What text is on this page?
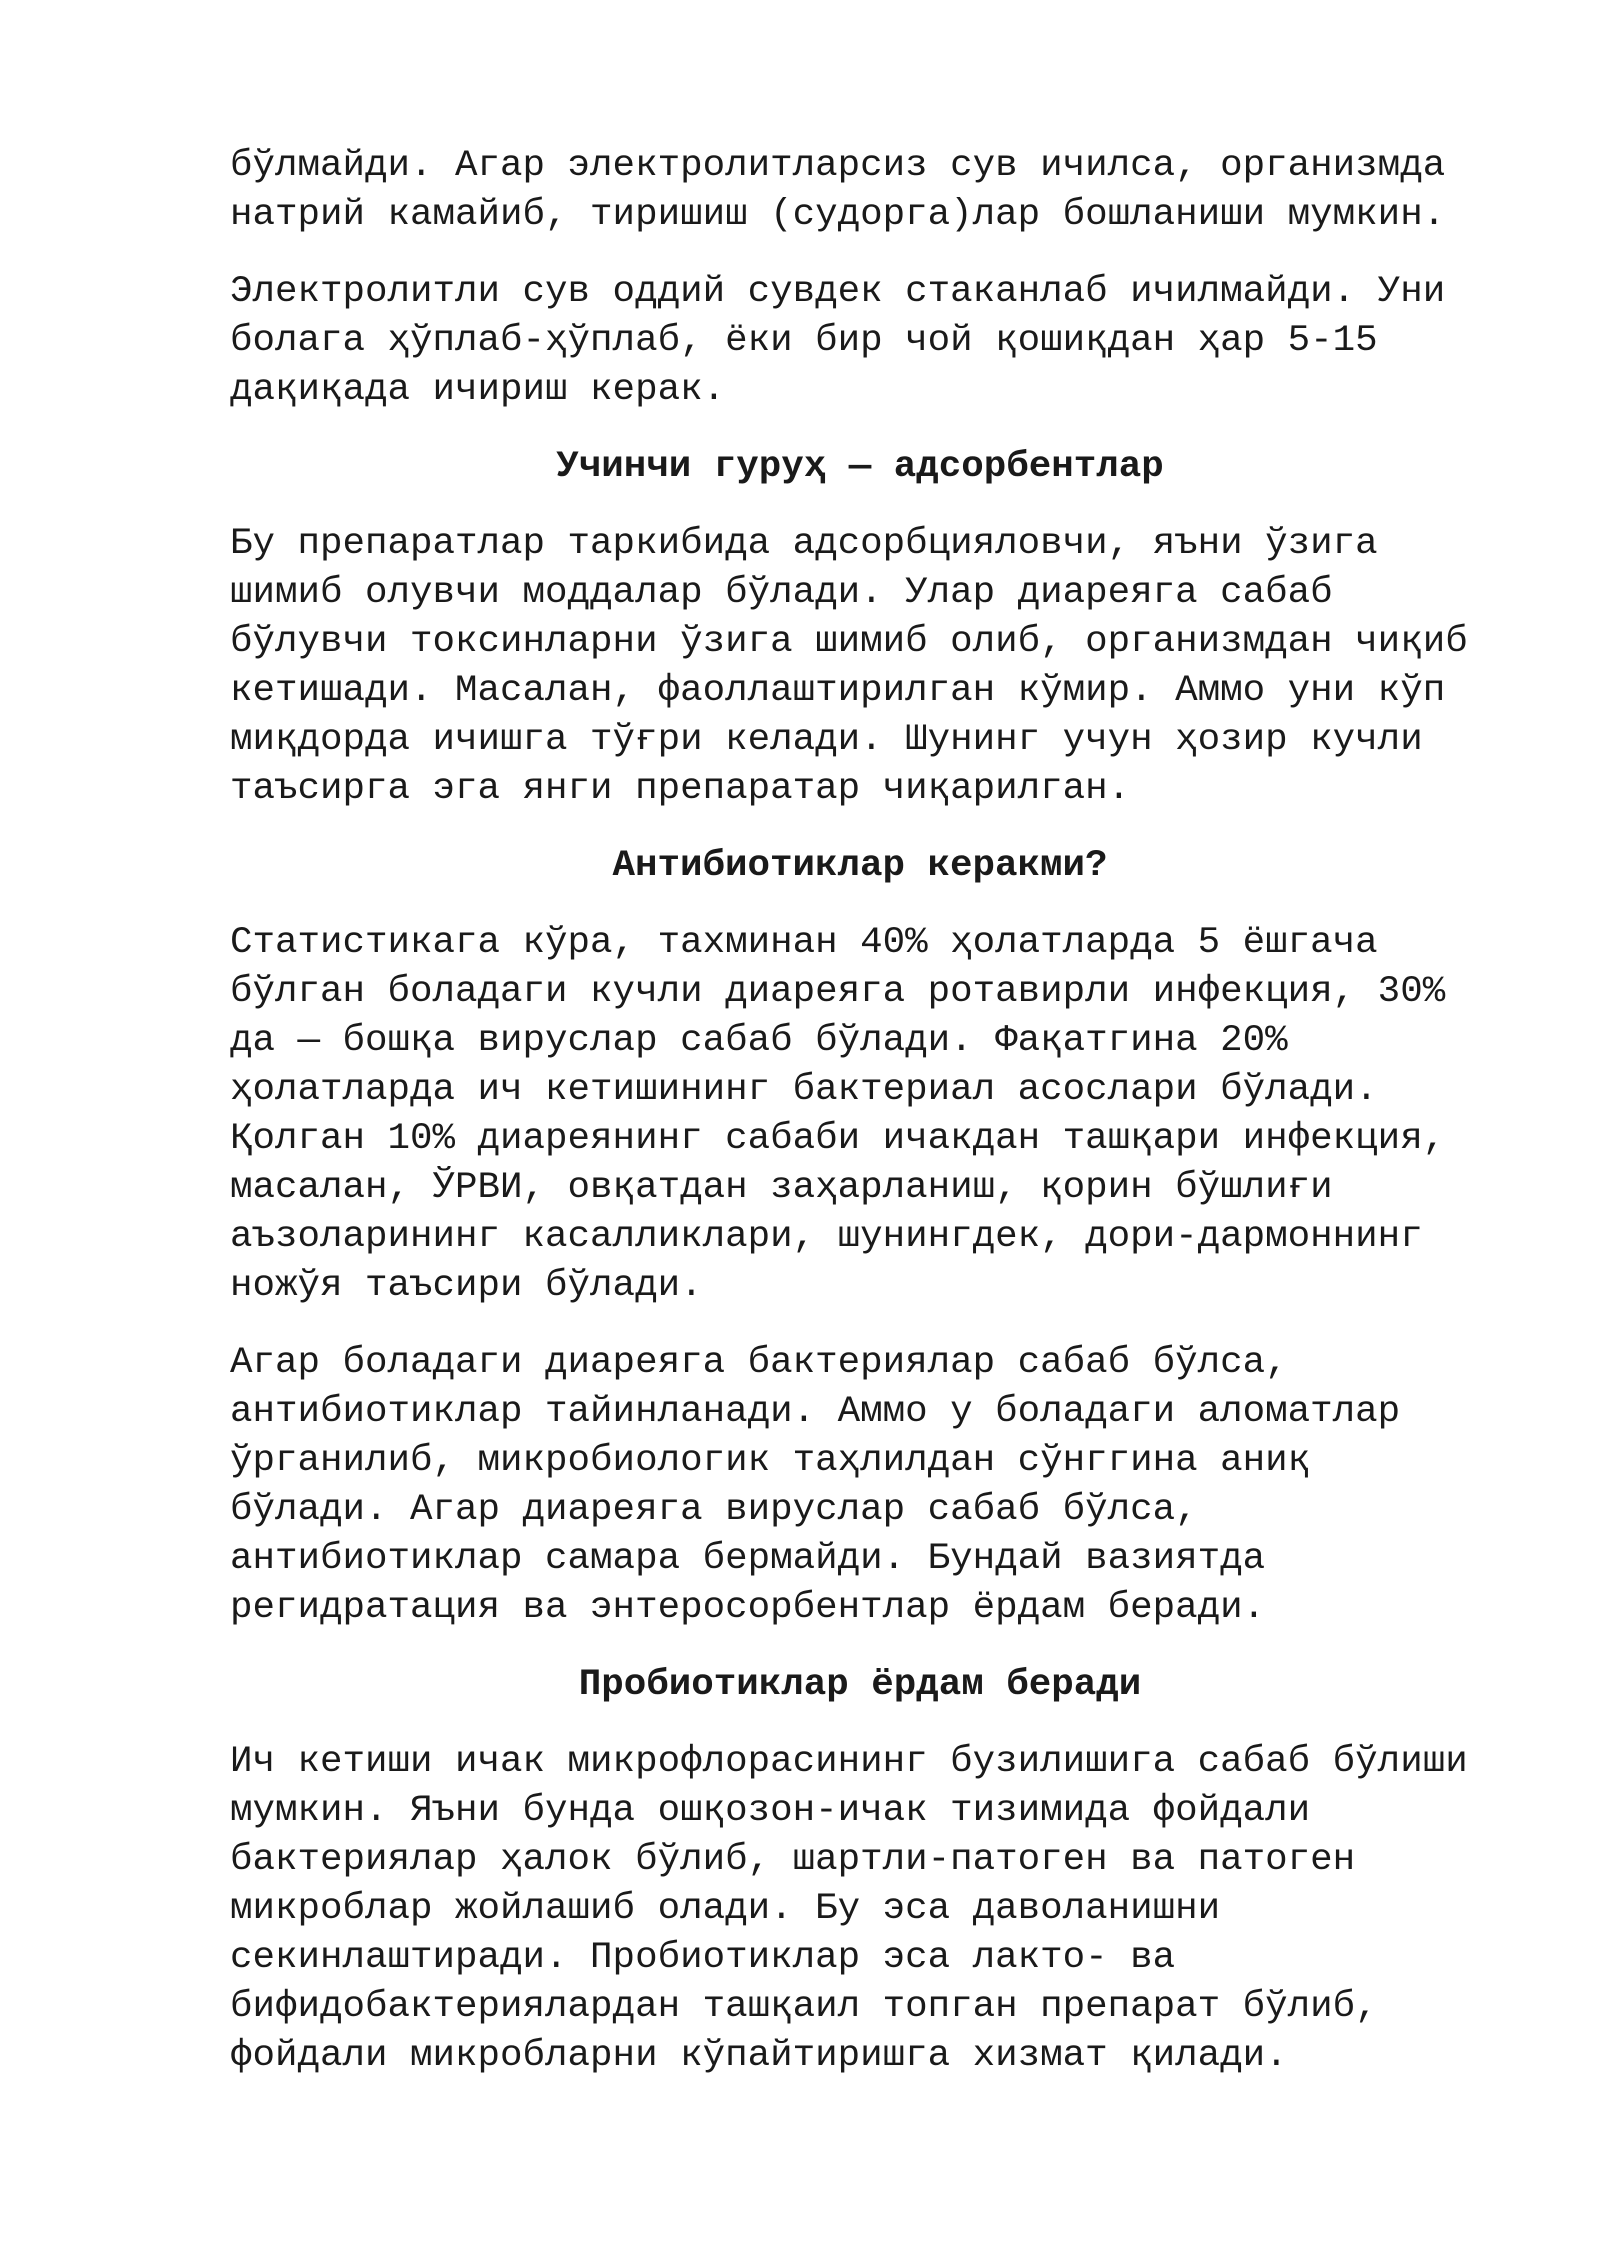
бўлмайди. Агар электролитларсиз сув ичилса, организмда
натрий камайиб, тиришиш (судорга)лар бошланиши мумкин.
Электролитли сув оддий сувдек стаканлаб ичилмайди. Уни
болага ҳўплаб-ҳўплаб, ёки бир чой қошиқдан ҳар 5-15
дақиқада ичириш керак.
Учинчи гуруҳ — адсорбентлар
Бу препаратлар таркибида адсорбцияловчи, яъни ўзига
шимиб олувчи моддалар бўлади. Улар диареяга сабаб
бўлувчи токсинларни ўзига шимиб олиб, организмдан чиқиб
кетишади. Масалан, фаоллаштирилган кўмир. Аммо уни кўп
миқдорда ичишга тўғри келади. Шунинг учун ҳозир кучли
таъсирга эга янги препаратар чиқарилган.
Антибиотиклар керакми?
Статистикага кўра, тахминан 40% ҳолатларда 5 ёшгача
бўлган боладаги кучли диареяга ротавирли инфекция, 30%
да — бошқа вируслар сабаб бўлади. Фақатгина 20%
ҳолатларда ич кетишининг бактериал асослари бўлади.
Қолган 10% диареянинг сабаби ичакдан ташқари инфекция,
масалан, ЎРВИ, овқатдан заҳарланиш, қорин бўшлиғи
аъзоларининг касалликлари, шунингдек, дори-дармоннинг
ножўя таъсири бўлади.
Агар боладаги диареяга бактериялар сабаб бўлса,
антибиотиклар тайинланади. Аммо у боладаги аломатлар
ўрганилиб, микробиологик таҳлилдан сўнггина аниқ
бўлади. Агар диареяга вируслар сабаб бўлса,
антибиотиклар самара бермайди. Бундай вазиятда
регидратация ва энтеросорбентлар ёрдам беради.
Пробиотиклар ёрдам беради
Ич кетиши ичак микрофлорасининг бузилишига сабаб бўлиши
мумкин. Яъни бунда ошқозон-ичак тизимида фойдали
бактериялар ҳалок бўлиб, шартли-патоген ва патоген
микроблар жойлашиб олади. Бу эса даволанишни
секинлаштиради. Пробиотиклар эса лакто- ва
бифидобактериялардан ташқаил топган препарат бўлиб,
фойдали микробларни кўпайтиришга хизмат қилади.
